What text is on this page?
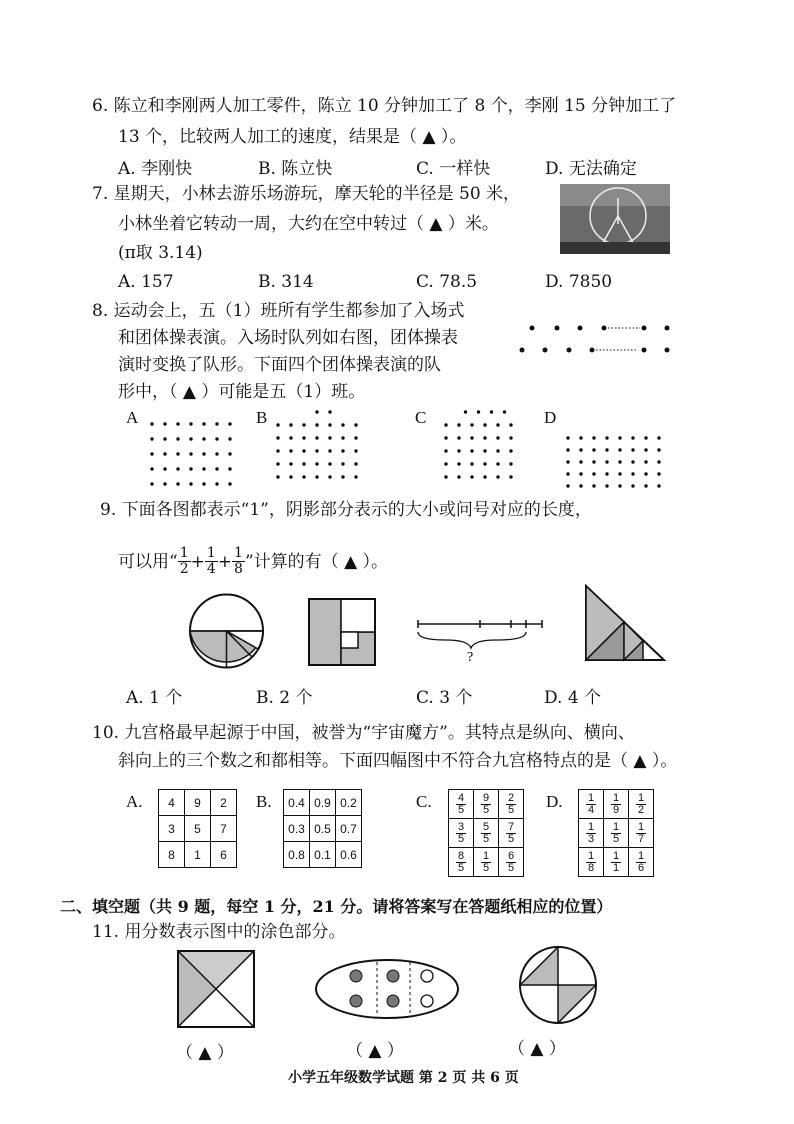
6. 陈立和李刚两人加工零件，陈立 10 分钟加工了 8 个，李刚 15 分钟加工了
13 个，比较两人加工的速度，结果是（ ▲ ）。
A. 李刚快	B. 陈立快	C. 一样快	D. 无法确定
7. 星期天，小林去游乐场游玩，摩天轮的半径是 50 米，
小林坐着它转动一周，大约在空中转过（ ▲ ）米。
(π取 3.14)
A. 157	B. 314	C. 78.5	D. 7850
8. 运动会上，五（1）班所有学生都参加了入场式
和团体操表演。入场时队列如右图，团体操表
演时变换了队形。下面四个团体操表演的队
形中，（ ▲ ）可能是五（1）班。
A	B	C	D
9. 下面各图都表示“1”，阴影部分表示的大小或问号对应的长度，
可以用“ $\frac{1}{2} + \frac{1}{4} + \frac{1}{8}$ ”计算的有（ ▲ ）。
?
A. 1 个	B. 2 个	C. 3 个	D. 4 个
10. 九宫格最早起源于中国，被誉为“宇宙魔方”。其特点是纵向、横向、
斜向上的三个数之和都相等。下面四幅图中不符合九宫格特点的是（ ▲ ）。
A. 4	9	2
3	5	7
8	1	6
B. 0.4	0.9	0.2
0.3	0.5	0.7
0.8	0.1	0.6
C. $\frac{4}{5}$	$\frac{9}{5}$	$\frac{2}{5}$

$\frac{3}{5}$	$\frac{5}{5}$	$\frac{7}{5}$

$\frac{8}{5}$	$\frac{1}{5}$	$\frac{6}{5}$
D. $\frac{1}{4}$	$\frac{1}{9}$	$\frac{1}{2}$

$\frac{1}{3}$	$\frac{1}{5}$	$\frac{1}{7}$

$\frac{1}{8}$	$\frac{1}{1}$	$\frac{1}{6}$
二、填空题（共 9 题，每空 1 分，21 分。请将答案写在答题纸相应的位置）
11. 用分数表示图中的涂色部分。
（ ▲ ）	（ ▲ ）	（ ▲ ）
小学五年级数学试题 第 2 页 共 6 页
